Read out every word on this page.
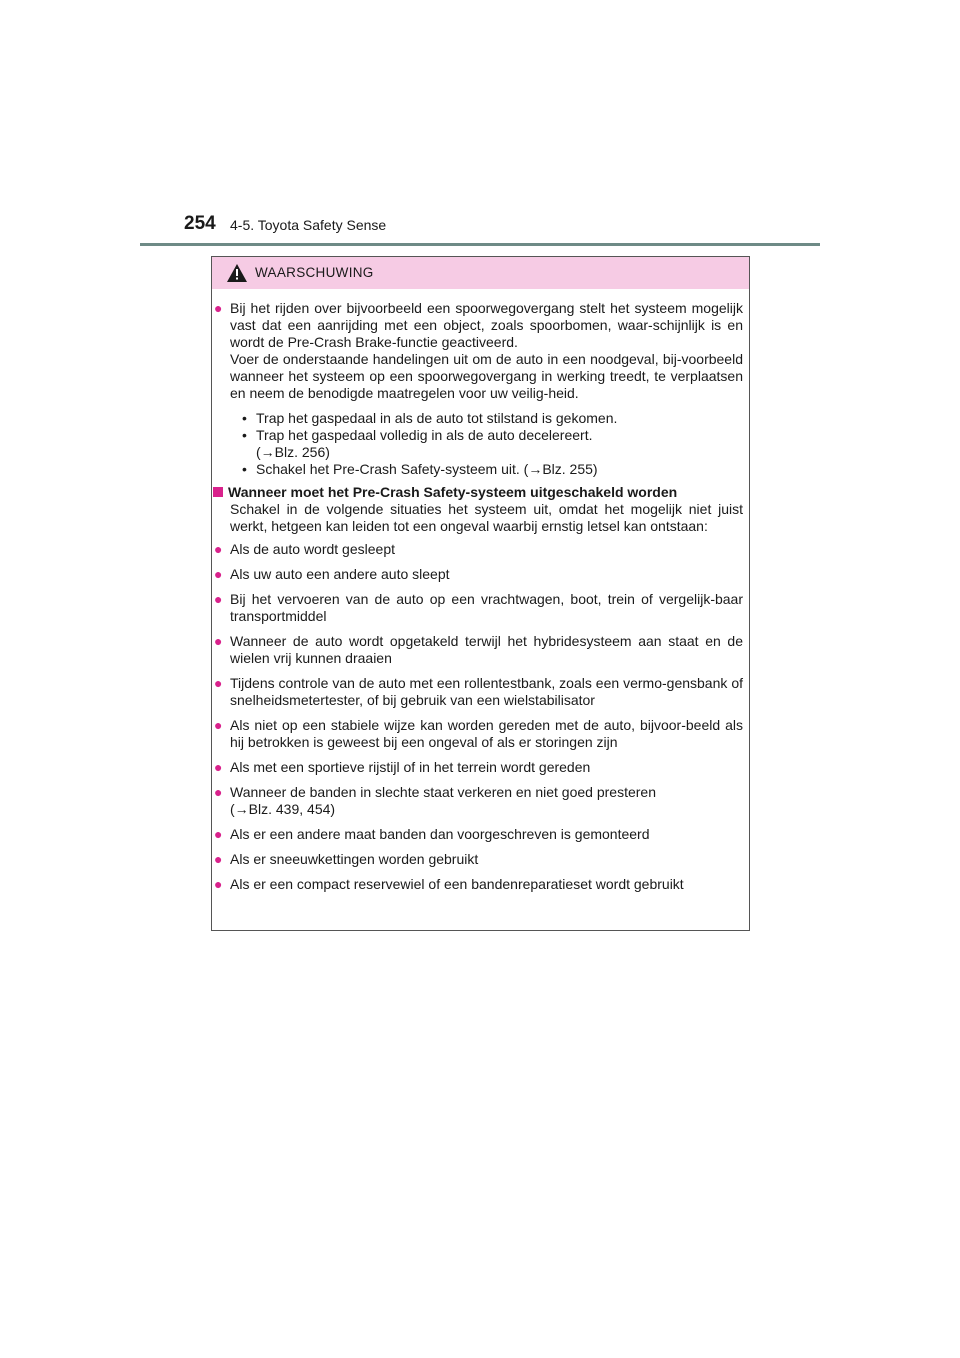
254 4-5. Toyota Safety Sense
WAARSCHUWING
● Bij het rijden over bijvoorbeeld een spoorwegovergang stelt het systeem mogelijk vast dat een aanrijding met een object, zoals spoorbomen, waar-schijnlijk is en wordt de Pre-Crash Brake-functie geactiveerd.

Voer de onderstaande handelingen uit om de auto in een noodgeval, bij-voorbeeld wanneer het systeem op een spoorwegovergang in werking treedt, te verplaatsen en neem de benodigde maatregelen voor uw veilig-heid.

• Trap het gaspedaal in als de auto tot stilstand is gekomen.
• Trap het gaspedaal volledig in als de auto decelereert.
(→Blz. 256)
• Schakel het Pre-Crash Safety-systeem uit. (→Blz. 255)
Wanneer moet het Pre-Crash Safety-systeem uitgeschakeld worden
Schakel in de volgende situaties het systeem uit, omdat het mogelijk niet juist werkt, hetgeen kan leiden tot een ongeval waarbij ernstig letsel kan ontstaan:
● Als de auto wordt gesleept
● Als uw auto een andere auto sleept
● Bij het vervoeren van de auto op een vrachtwagen, boot, trein of vergelijk-baar transportmiddel
● Wanneer de auto wordt opgetakeld terwijl het hybridesysteem aan staat en de wielen vrij kunnen draaien
● Tijdens controle van de auto met een rollentestbank, zoals een vermo-gensbank of snelheidsmetertester, of bij gebruik van een wielstabilisator
● Als niet op een stabiele wijze kan worden gereden met de auto, bijvoor-beeld als hij betrokken is geweest bij een ongeval of als er storingen zijn
● Als met een sportieve rijstijl of in het terrein wordt gereden
● Wanneer de banden in slechte staat verkeren en niet goed presteren
(→Blz. 439, 454)
● Als er een andere maat banden dan voorgeschreven is gemonteerd
● Als er sneeuwkettingen worden gebruikt
● Als er een compact reservewiel of een bandenreparatieset wordt gebruikt
